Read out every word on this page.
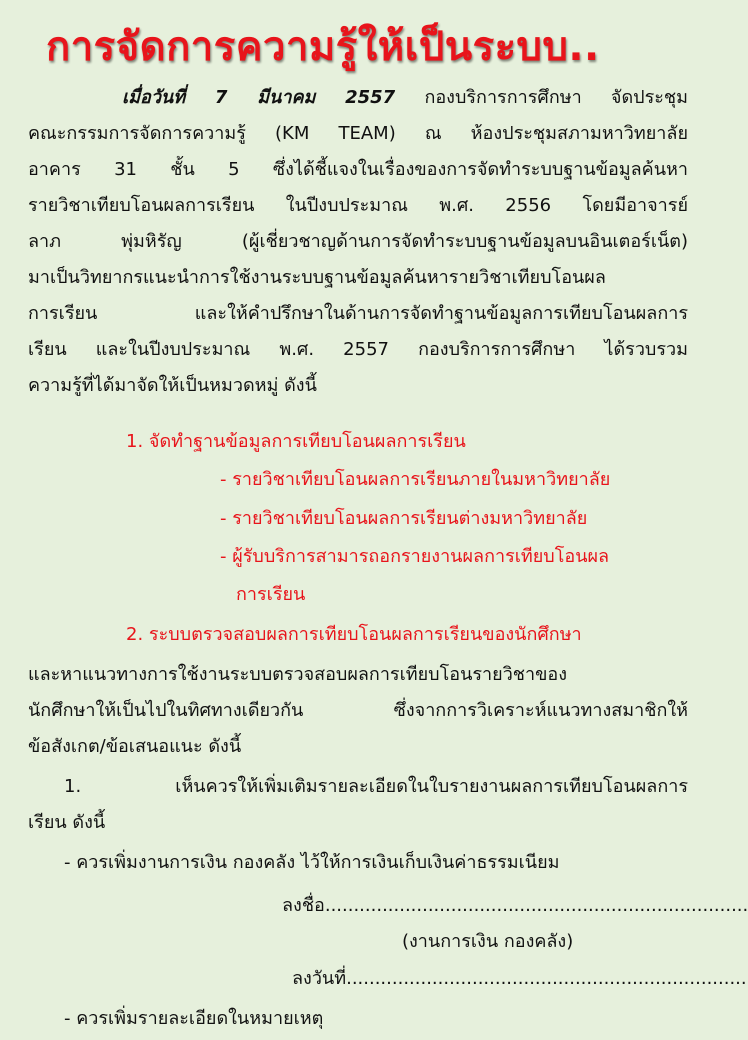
การจัดการความรู้ให้เป็นระบบ..
เมื่อวันที่ 7 มีนาคม 2557 กองบริการการศึกษา จัดประชุม
คณะกรรมการจัดการความรู้ (KM TEAM) ณ ห้องประชุมสภามหาวิทยาลัย
อาคาร 31 ชั้น 5 ซึ่งได้ชี้แจงในเรื่องของการจัดทำระบบฐานข้อมูลค้นหา
รายวิชาเทียบโอนผลการเรียน ในปีงบประมาณ พ.ศ. 2556 โดยมีอาจารย์
ลาภ พุ่มหิรัญ (ผู้เชี่ยวชาญด้านการจัดทำระบบฐานข้อมูลบนอินเตอร์เน็ต)
มาเป็นวิทยากรแนะนำการใช้งานระบบฐานข้อมูลค้นหารายวิชาเทียบโอนผล
การเรียน และให้คำปรึกษาในด้านการจัดทำฐานข้อมูลการเทียบโอนผลการ
เรียน และในปีงบประมาณ พ.ศ. 2557 กองบริการการศึกษา ได้รวบรวม
ความรู้ที่ได้มาจัดให้เป็นหมวดหมู่ ดังนี้
1. จัดทำฐานข้อมูลการเทียบโอนผลการเรียน
- รายวิชาเทียบโอนผลการเรียนภายในมหาวิทยาลัย
- รายวิชาเทียบโอนผลการเรียนต่างมหาวิทยาลัย
- ผู้รับบริการสามารถอกรายงานผลการเทียบโอนผล
การเรียน
2. ระบบตรวจสอบผลการเทียบโอนผลการเรียนของนักศึกษา
และหาแนวทางการใช้งานระบบตรวจสอบผลการเทียบโอนรายวิชาของ
นักศึกษาให้เป็นไปในทิศทางเดียวกัน ซึ่งจากการวิเคราะห์แนวทางสมาชิกให้
ข้อสังเกต/ข้อเสนอแนะ ดังนี้
1. เห็นควรให้เพิ่มเติมรายละเอียดในใบรายงานผลการเทียบโอนผลการ
เรียน ดังนี้
- ควรเพิ่มงานการเงิน กองคลัง ไว้ให้การเงินเก็บเงินค่าธรรมเนียม
ลงชื่อ..........................................................................
(งานการเงิน กองคลัง)
ลงวันที่......................................................................
- ควรเพิ่มรายละเอียดในหมายเหตุ
